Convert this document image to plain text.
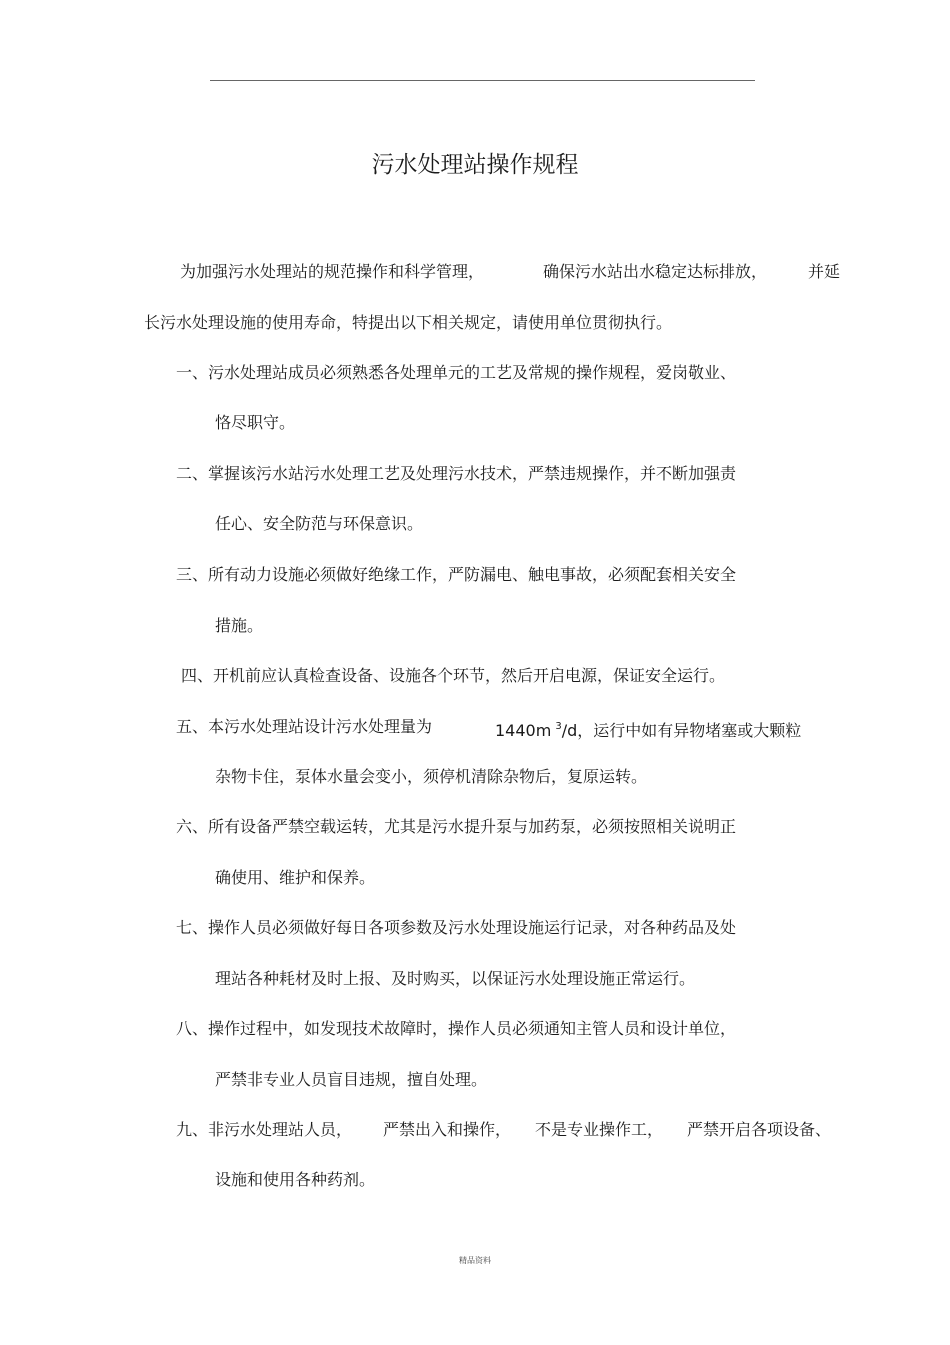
污水处理站操作规程
为加强污水处理站的规范操作和科学管理，	确保污水站出水稳定达标排放，	并延
长污水处理设施的使用寿命，特提出以下相关规定，请使用单位贯彻执行。
一、污水处理站成员必须熟悉各处理单元的工艺及常规的操作规程，爱岗敬业、
恪尽职守。
二、掌握该污水站污水处理工艺及处理污水技术，严禁违规操作，并不断加强责
任心、安全防范与环保意识。
三、所有动力设施必须做好绝缘工作，严防漏电、触电事故，必须配套相关安全
措施。
四、开机前应认真检查设备、设施各个环节，然后开启电源，保证安全运行。
五、本污水处理站设计污水处理量为	1440m $^3$/d，运行中如有异物堵塞或大颗粒
杂物卡住，泵体水量会变小，须停机清除杂物后，复原运转。
六、所有设备严禁空载运转，尤其是污水提升泵与加药泵，必须按照相关说明正
确使用、维护和保养。
七、操作人员必须做好每日各项参数及污水处理设施运行记录，对各种药品及处
理站各种耗材及时上报、及时购买，以保证污水处理设施正常运行。
八、操作过程中，如发现技术故障时，操作人员必须通知主管人员和设计单位，
严禁非专业人员盲目违规，擅自处理。
九、非污水处理站人员， 严禁出入和操作， 不是专业操作工， 严禁开启各项设备、
设施和使用各种药剂。
精品资料
